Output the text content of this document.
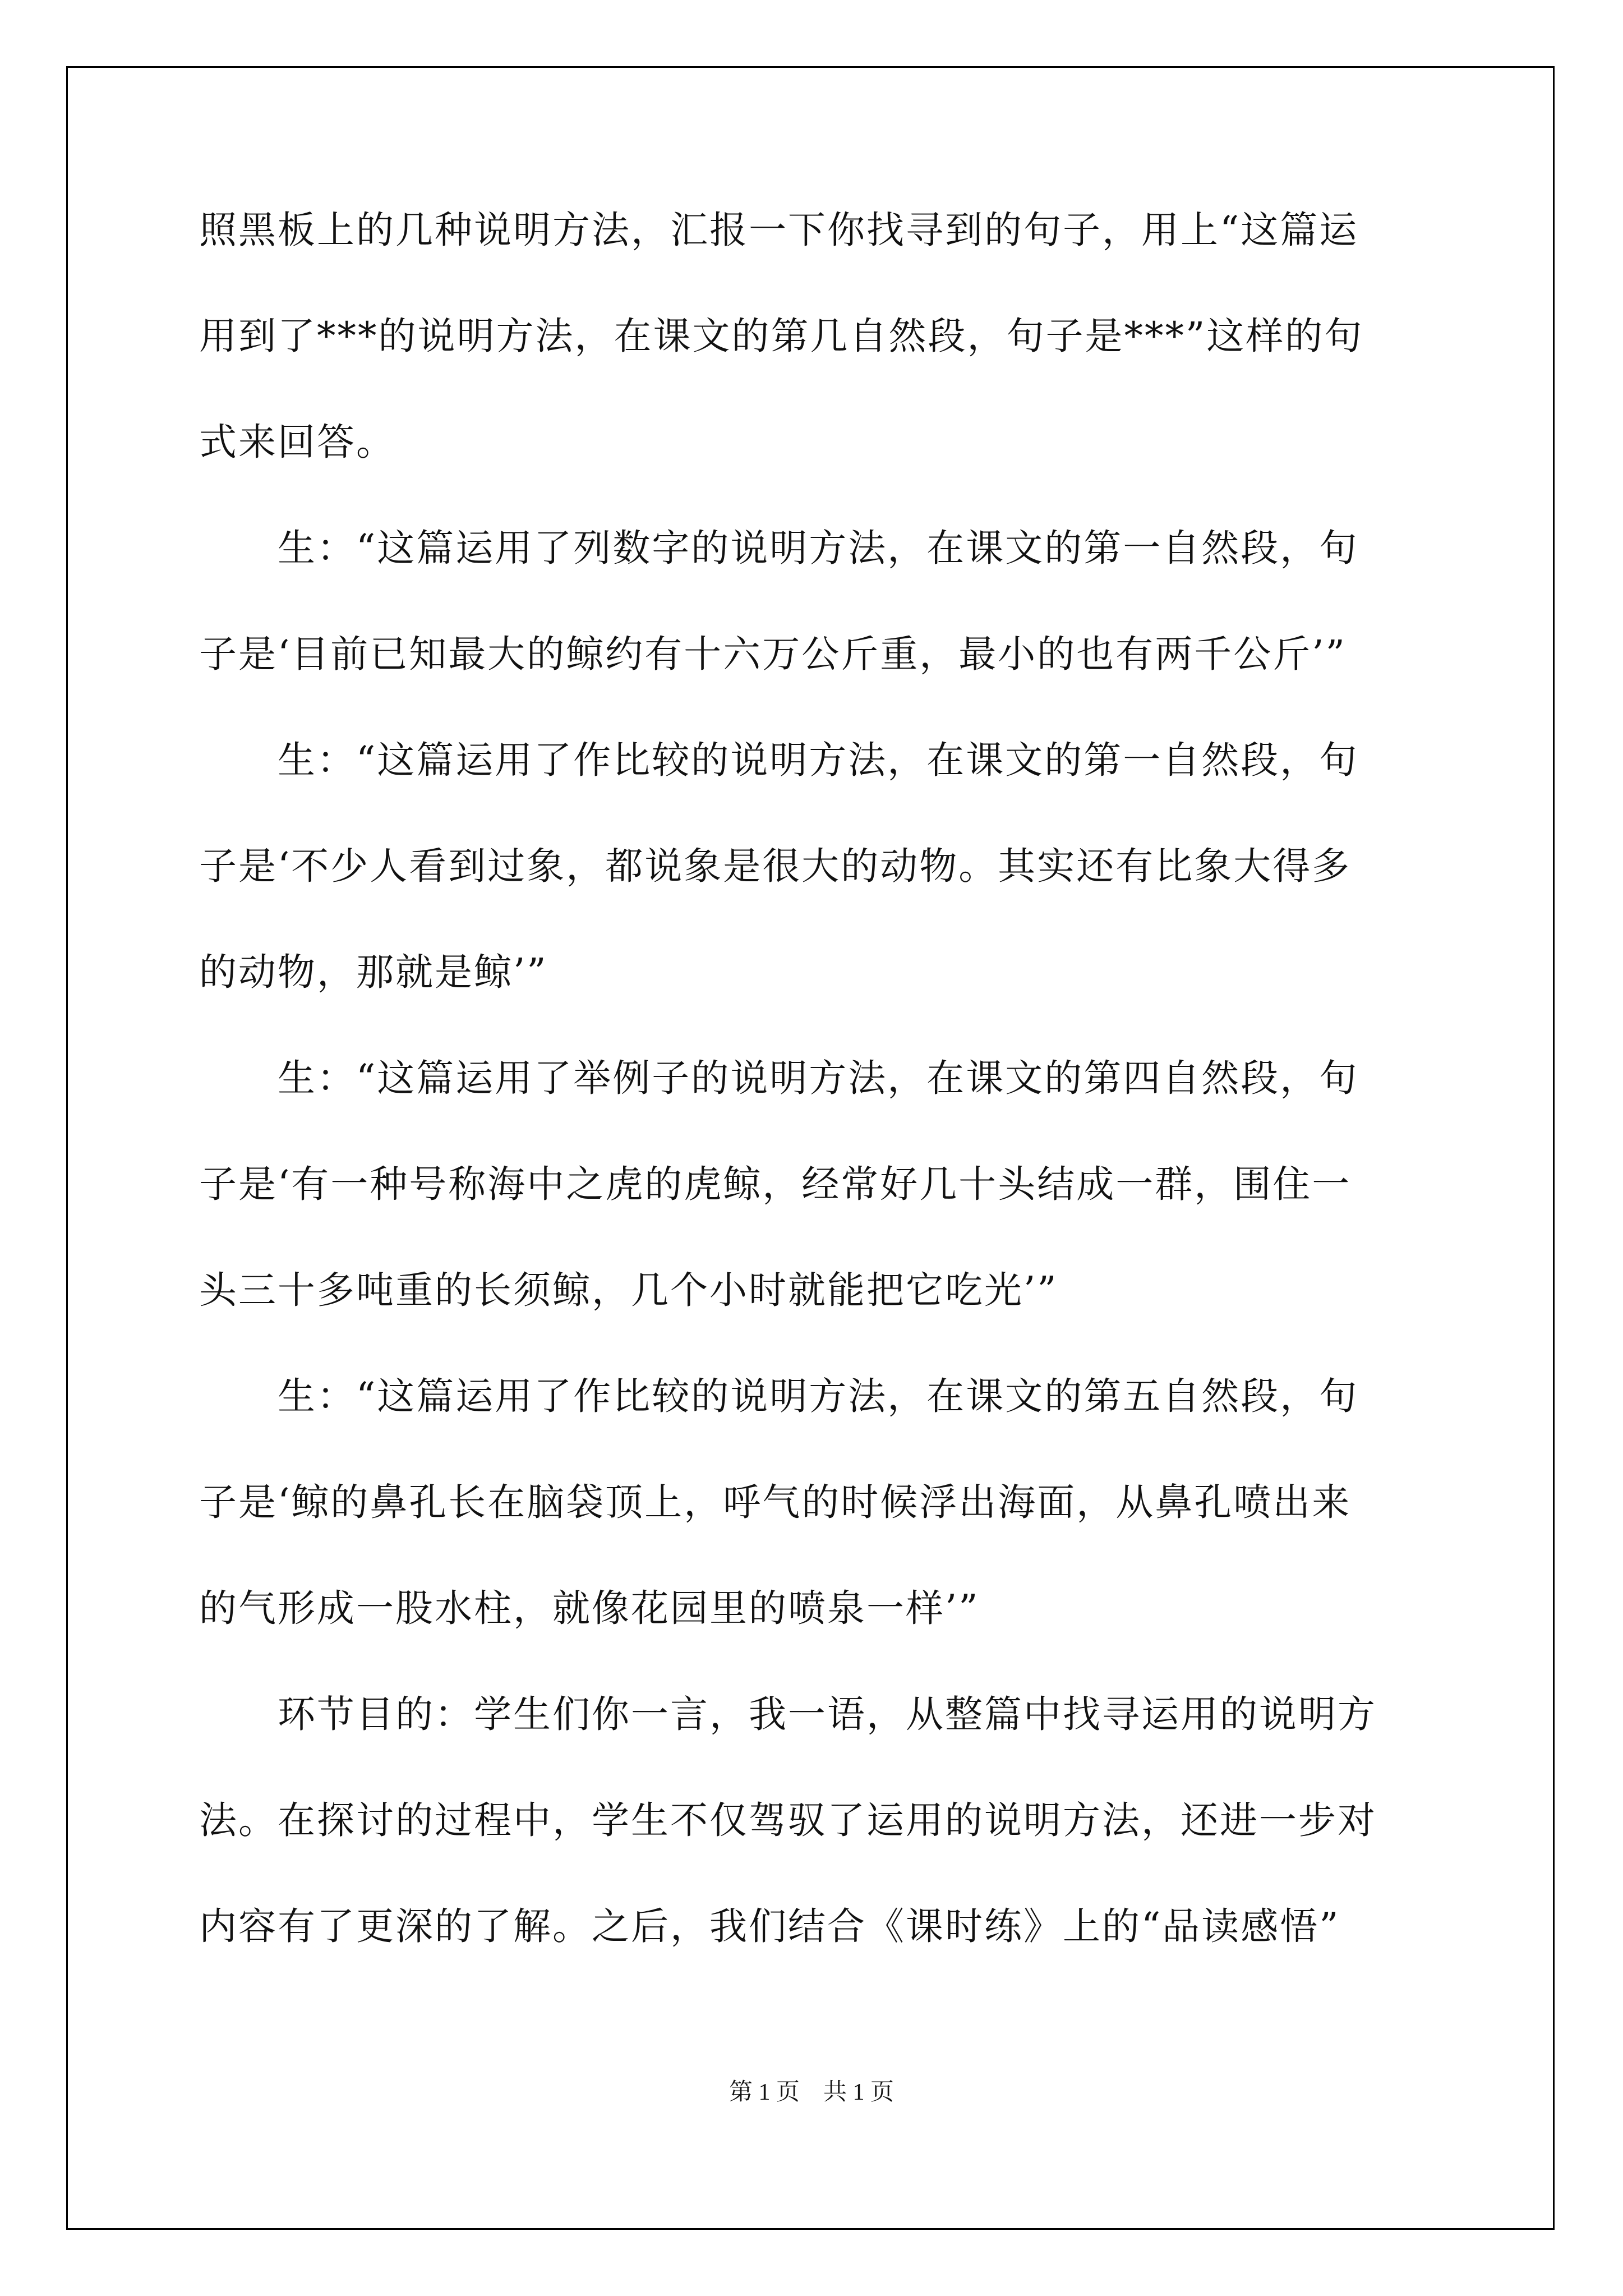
照黑板上的几种说明方法，汇报一下你找寻到的句子，用上“这篇运
用到了***的说明方法，在课文的第几自然段，句子是***”这样的句
式来回答。
　　生：“这篇运用了列数字的说明方法，在课文的第一自然段，句
子是‘目前已知最大的鲸约有十六万公斤重，最小的也有两千公斤’”
　　生：“这篇运用了作比较的说明方法，在课文的第一自然段，句
子是‘不少人看到过象，都说象是很大的动物。其实还有比象大得多
的动物，那就是鲸’”
　　生：“这篇运用了举例子的说明方法，在课文的第四自然段，句
子是‘有一种号称海中之虎的虎鲸，经常好几十头结成一群，围住一
头三十多吨重的长须鲸，几个小时就能把它吃光’”
　　生：“这篇运用了作比较的说明方法，在课文的第五自然段，句
子是‘鲸的鼻孔长在脑袋顶上，呼气的时候浮出海面，从鼻孔喷出来
的气形成一股水柱，就像花园里的喷泉一样’”
　　环节目的：学生们你一言，我一语，从整篇中找寻运用的说明方
法。在探讨的过程中，学生不仅驾驭了运用的说明方法，还进一步对
内容有了更深的了解。之后，我们结合《课时练》上的“品读感悟”
第 1 页　共 1 页
